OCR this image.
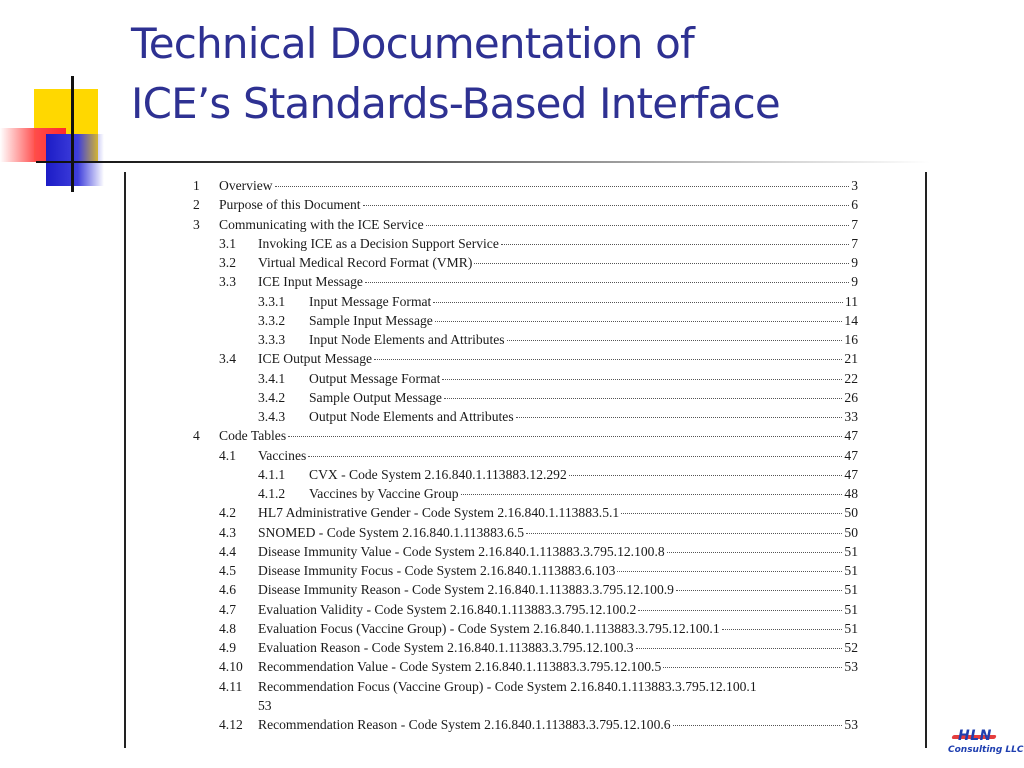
Technical Documentation of
ICE’s Standards-Based Interface
1 Overview	3
2 Purpose of this Document	6
3 Communicating with the ICE Service	7
3.1 Invoking ICE as a Decision Support Service	7
3.2 Virtual Medical Record Format (VMR)	9
3.3 ICE Input Message	9
3.3.1 Input Message Format	11
3.3.2 Sample Input Message	14
3.3.3 Input Node Elements and Attributes	16
3.4 ICE Output Message	21
3.4.1 Output Message Format	22
3.4.2 Sample Output Message	26
3.4.3 Output Node Elements and Attributes	33
4 Code Tables	47
4.1 Vaccines	47
4.1.1 CVX - Code System 2.16.840.1.113883.12.292	47
4.1.2 Vaccines by Vaccine Group	48
4.2 HL7 Administrative Gender - Code System 2.16.840.1.113883.5.1	50
4.3 SNOMED - Code System 2.16.840.1.113883.6.5	50
4.4 Disease Immunity Value - Code System 2.16.840.1.113883.3.795.12.100.8	51
4.5 Disease Immunity Focus - Code System 2.16.840.1.113883.6.103	51
4.6 Disease Immunity Reason - Code System 2.16.840.1.113883.3.795.12.100.9	51
4.7 Evaluation Validity - Code System 2.16.840.1.113883.3.795.12.100.2	51
4.8 Evaluation Focus (Vaccine Group) - Code System 2.16.840.1.113883.3.795.12.100.1	51
4.9 Evaluation Reason - Code System 2.16.840.1.113883.3.795.12.100.3	52
4.10 Recommendation Value - Code System 2.16.840.1.113883.3.795.12.100.5	53
4.11 Recommendation Focus (Vaccine Group) - Code System 2.16.840.1.113883.3.795.12.100.1
53
4.12 Recommendation Reason - Code System 2.16.840.1.113883.3.795.12.100.6	53
HLN
Consulting LLC
